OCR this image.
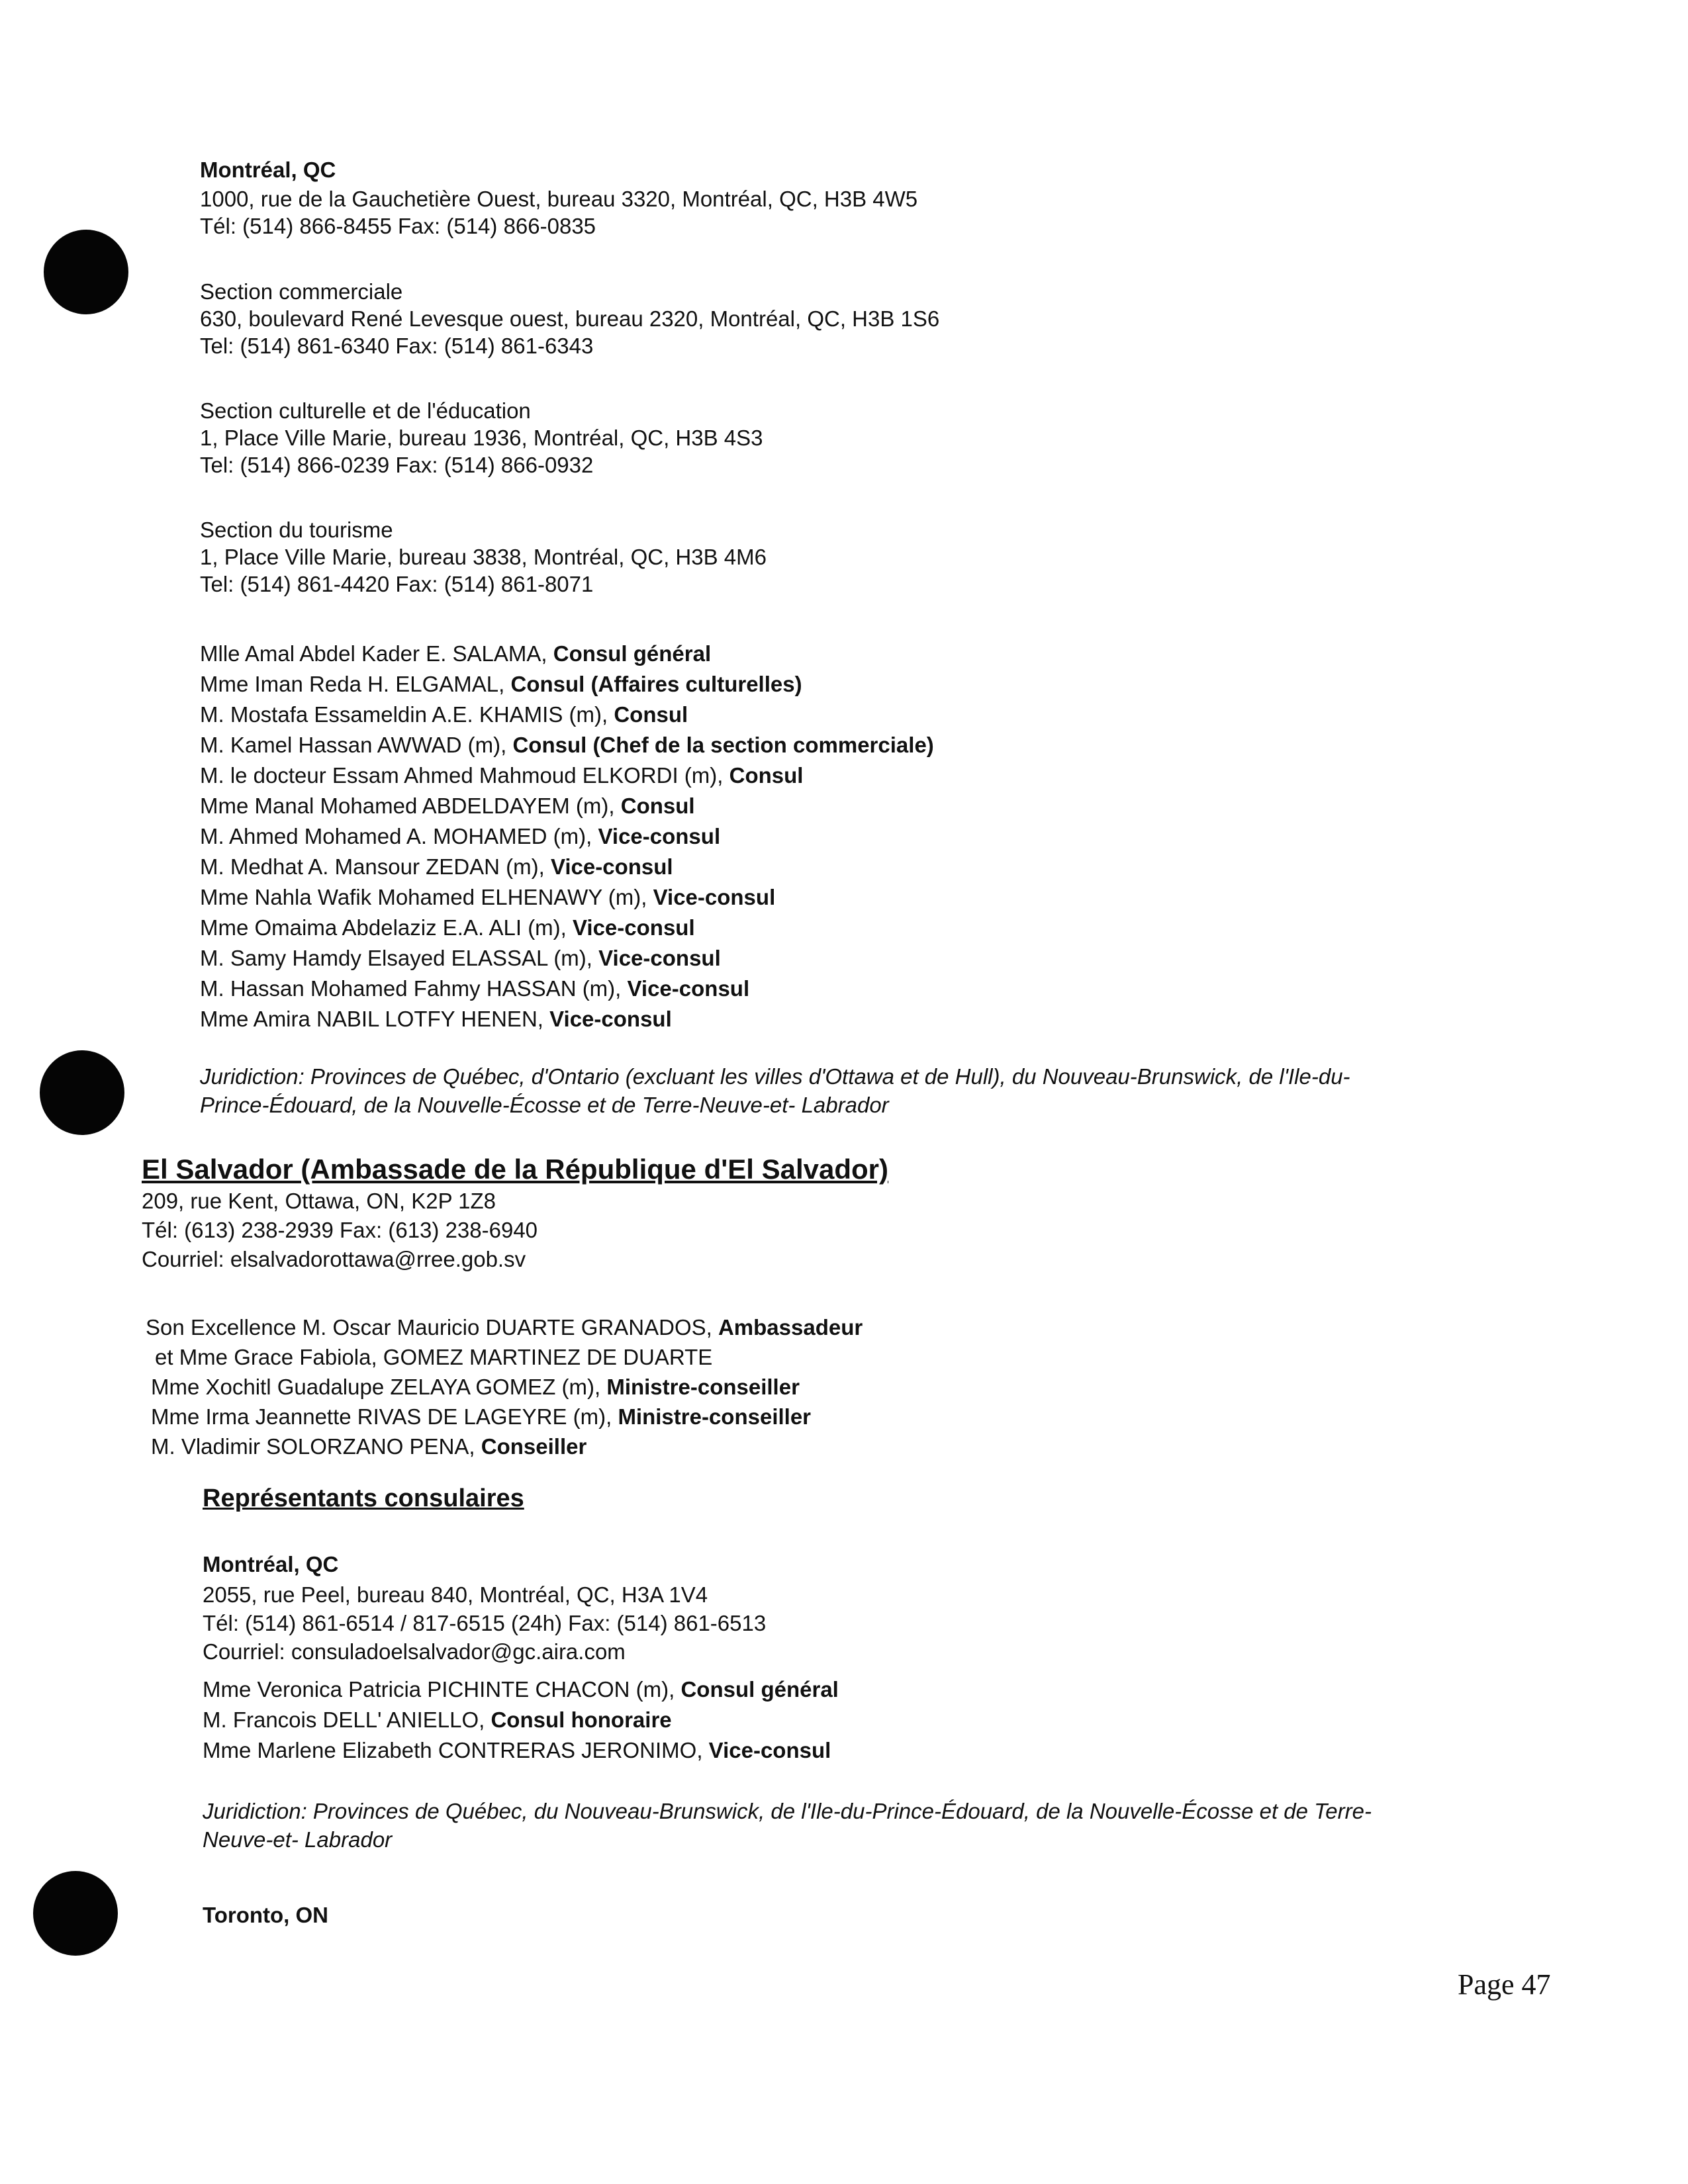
Montréal, QC
1000, rue de la Gauchetière Ouest, bureau 3320, Montréal, QC, H3B 4W5
Tél: (514) 866-8455 Fax: (514) 866-0835
Section commerciale
630, boulevard René Levesque ouest, bureau 2320, Montréal, QC, H3B 1S6
Tel: (514) 861-6340 Fax: (514) 861-6343
Section culturelle et de l'éducation
1, Place Ville Marie, bureau 1936, Montréal, QC, H3B 4S3
Tel: (514) 866-0239 Fax: (514) 866-0932
Section du tourisme
1, Place Ville Marie, bureau 3838, Montréal, QC, H3B 4M6
Tel: (514) 861-4420 Fax: (514) 861-8071
Mlle Amal Abdel Kader E. SALAMA, Consul général
Mme Iman Reda H. ELGAMAL, Consul (Affaires culturelles)
M. Mostafa Essameldin A.E. KHAMIS (m), Consul
M. Kamel Hassan AWWAD (m), Consul (Chef de la section commerciale)
M. le docteur Essam Ahmed Mahmoud ELKORDI (m), Consul
Mme Manal Mohamed ABDELDAYEM (m), Consul
M. Ahmed Mohamed A. MOHAMED (m), Vice-consul
M. Medhat A. Mansour ZEDAN (m), Vice-consul
Mme Nahla Wafik Mohamed ELHENAWY (m), Vice-consul
Mme Omaima Abdelaziz E.A. ALI (m), Vice-consul
M. Samy Hamdy Elsayed ELASSAL (m), Vice-consul
M. Hassan Mohamed Fahmy HASSAN (m), Vice-consul
Mme Amira NABIL LOTFY HENEN, Vice-consul
Juridiction: Provinces de Québec, d'Ontario (excluant les villes d'Ottawa et de Hull), du Nouveau-Brunswick, de l'Ile-du-
Prince-Édouard, de la Nouvelle-Écosse et de Terre-Neuve-et- Labrador
El Salvador (Ambassade de la République d'El Salvador)
209, rue Kent, Ottawa, ON, K2P 1Z8
Tél: (613) 238-2939 Fax: (613) 238-6940
Courriel: elsalvadorottawa@rree.gob.sv
Son Excellence M. Oscar Mauricio DUARTE GRANADOS, Ambassadeur
et Mme Grace Fabiola, GOMEZ MARTINEZ DE DUARTE
Mme Xochitl Guadalupe ZELAYA GOMEZ (m), Ministre-conseiller
Mme Irma Jeannette RIVAS DE LAGEYRE (m), Ministre-conseiller
M. Vladimir SOLORZANO PENA, Conseiller
Représentants consulaires
Montréal, QC
2055, rue Peel, bureau 840, Montréal, QC, H3A 1V4
Tél: (514) 861-6514 / 817-6515 (24h) Fax: (514) 861-6513
Courriel: consuladoelsalvador@gc.aira.com
Mme Veronica Patricia PICHINTE CHACON (m), Consul général
M. Francois DELL' ANIELLO, Consul honoraire
Mme Marlene Elizabeth CONTRERAS JERONIMO, Vice-consul
Juridiction: Provinces de Québec, du Nouveau-Brunswick, de l'Ile-du-Prince-Édouard, de la Nouvelle-Écosse et de Terre-
Neuve-et- Labrador
Toronto, ON
Page 47
